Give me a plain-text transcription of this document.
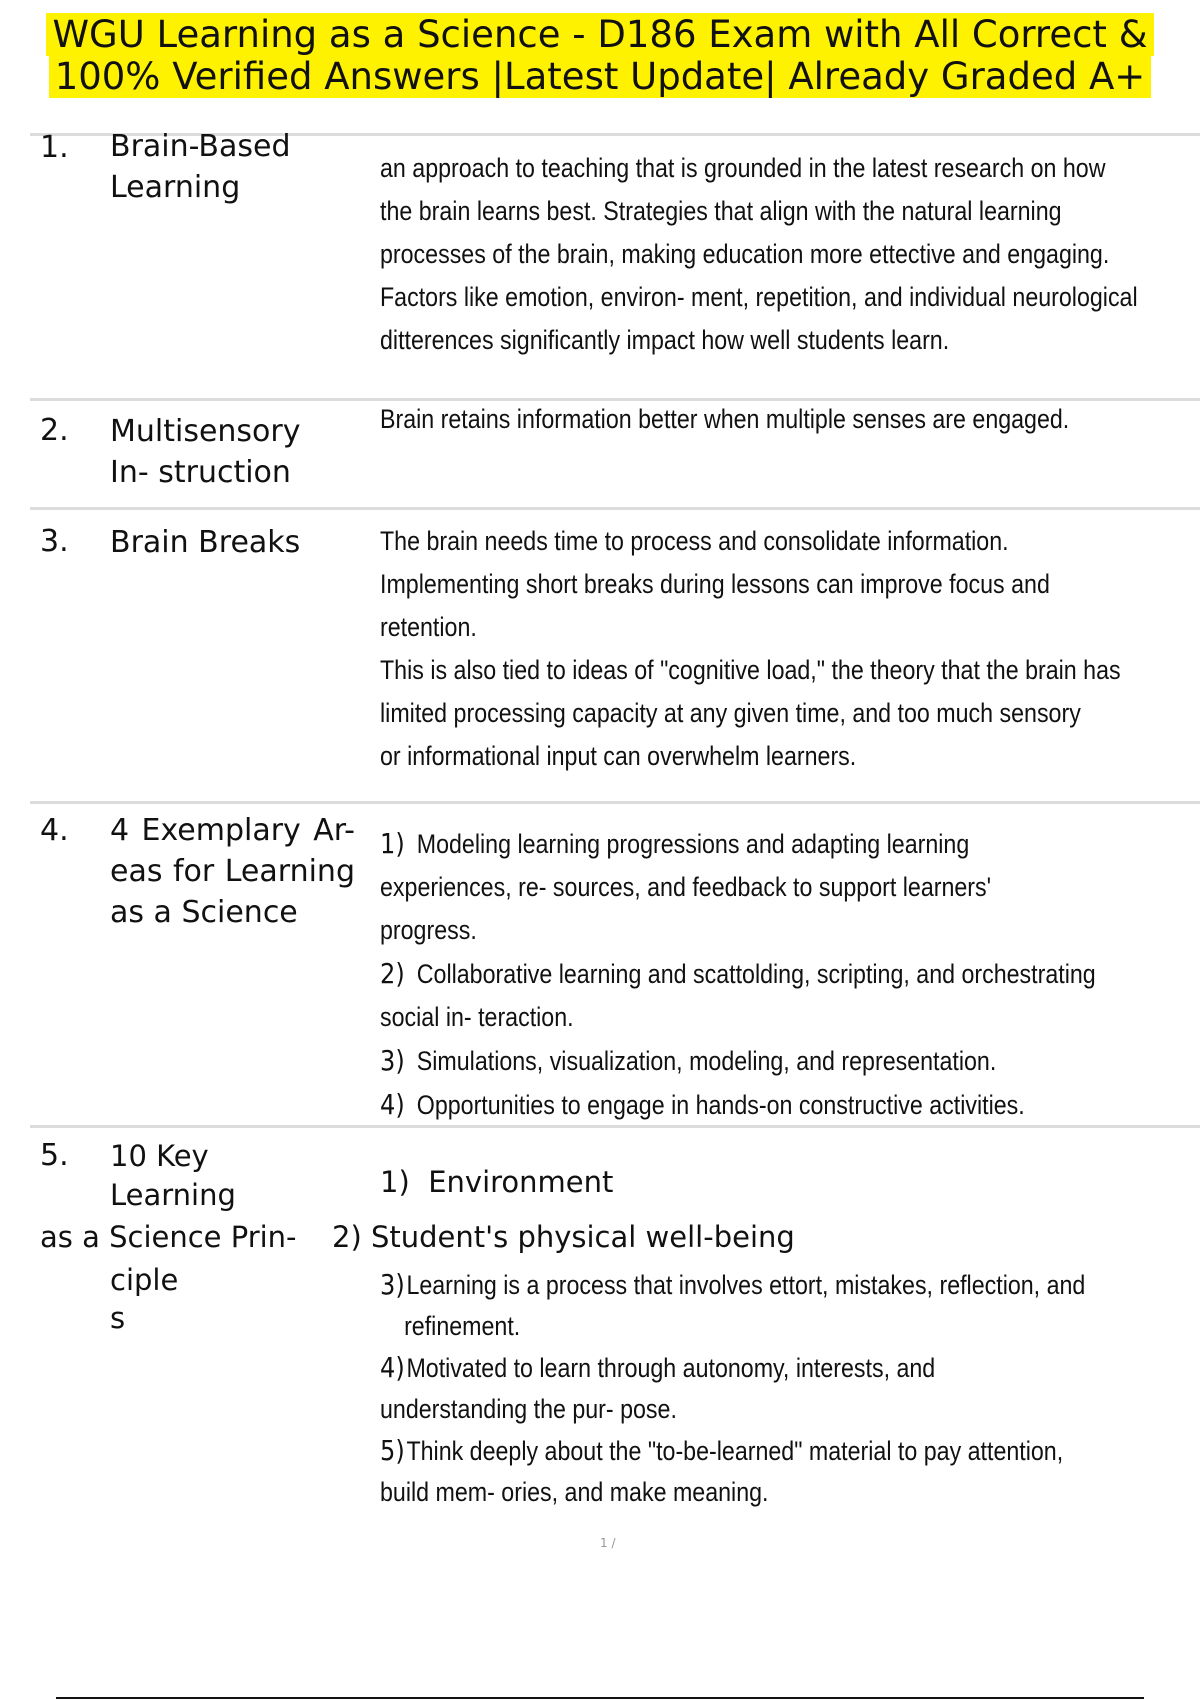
WGU Learning as a Science - D186 Exam with All Correct & 100% Verified Answers |Latest Update| Already Graded A+
1. Brain-Based Learning

an approach to teaching that is grounded in the latest research on how

the brain learns best. Strategies that align with the natural learning

processes of the brain, making education more ettective and engaging.

Factors like emotion, environ- ment, repetition, and individual neurological

ditterences significantly impact how well students learn.

2. Multisensory In- struction

Brain retains information better when multiple senses are engaged.

3. Brain Breaks	The brain needs time to process and consolidate information.

Implementing short breaks during lessons can improve focus and

retention.

This is also tied to ideas of "cognitive load," the theory that the brain has

limited processing capacity at any given time, and too much sensory

or informational input can overwhelm learners.

4. 4 Exemplary Ar- eas for Learning as a Science

1) Modeling learning progressions and adapting learning

experiences, re- sources, and feedback to support learners'

progress.

2) Collaborative learning and scattolding, scripting, and orchestrating

social in- teraction.

3) Simulations, visualization, modeling, and representation.

4) Opportunities to engage in hands-on constructive activities.

5. 10 Key
Learning
as a Science Prin-
ciple
s
1) Environment
2) Student's physical well-being

3)Learning is a process that involves ettort, mistakes, reflection, and

refinement.

4)Motivated to learn through autonomy, interests, and

understanding the pur- pose.

5)Think deeply about the "to-be-learned" material to pay attention,

build mem- ories, and make meaning.

1 /
